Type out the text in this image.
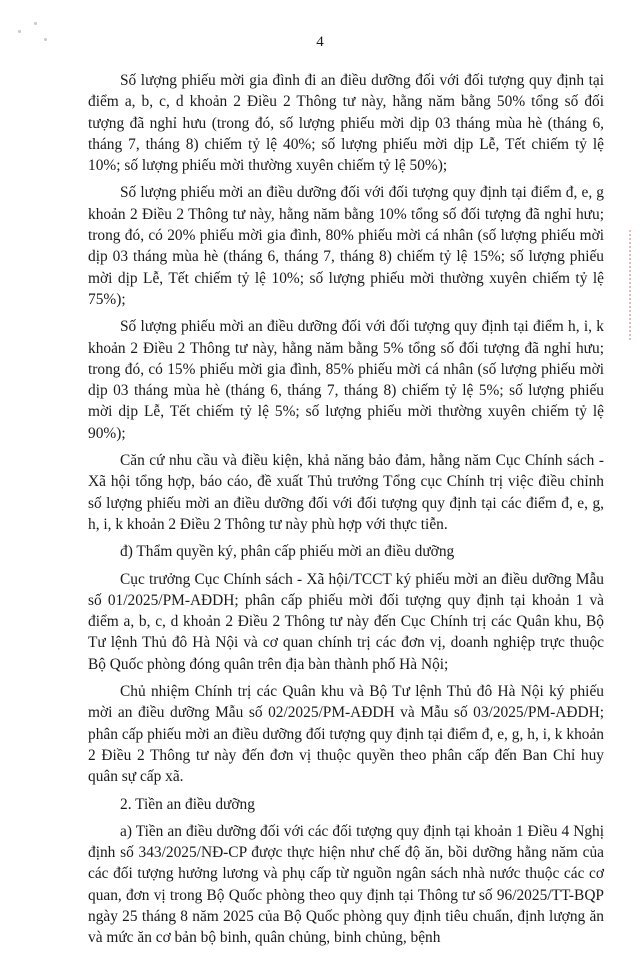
4

Số lượng phiếu mời gia đình đi an điều dưỡng đối với đối tượng quy định tại điểm a, b, c, d khoản 2 Điều 2 Thông tư này, hằng năm bằng 50% tổng số đối tượng đã nghỉ hưu (trong đó, số lượng phiếu mời dịp 03 tháng mùa hè (tháng 6, tháng 7, tháng 8) chiếm tỷ lệ 40%; số lượng phiếu mời dịp Lễ, Tết chiếm tỷ lệ 10%; số lượng phiếu mời thường xuyên chiếm tỷ lệ 50%);

Số lượng phiếu mời an điều dưỡng đối với đối tượng quy định tại điểm đ, e, g khoản 2 Điều 2 Thông tư này, hằng năm bằng 10% tổng số đối tượng đã nghỉ hưu; trong đó, có 20% phiếu mời gia đình, 80% phiếu mời cá nhân (số lượng phiếu mời dịp 03 tháng mùa hè (tháng 6, tháng 7, tháng 8) chiếm tỷ lệ 15%; số lượng phiếu mời dịp Lễ, Tết chiếm tỷ lệ 10%; số lượng phiếu mời thường xuyên chiếm tỷ lệ 75%);

Số lượng phiếu mời an điều dưỡng đối với đối tượng quy định tại điểm h, i, k khoản 2 Điều 2 Thông tư này, hằng năm bằng 5% tổng số đối tượng đã nghỉ hưu; trong đó, có 15% phiếu mời gia đình, 85% phiếu mời cá nhân (số lượng phiếu mời dịp 03 tháng mùa hè (tháng 6, tháng 7, tháng 8) chiếm tỷ lệ 5%; số lượng phiếu mời dịp Lễ, Tết chiếm tỷ lệ 5%; số lượng phiếu mời thường xuyên chiếm tỷ lệ 90%);

Căn cứ nhu cầu và điều kiện, khả năng bảo đảm, hằng năm Cục Chính sách - Xã hội tổng hợp, báo cáo, đề xuất Thủ trưởng Tổng cục Chính trị việc điều chỉnh số lượng phiếu mời an điều dưỡng đối với đối tượng quy định tại các điểm đ, e, g, h, i, k khoản 2 Điều 2 Thông tư này phù hợp với thực tiễn.

đ) Thẩm quyền ký, phân cấp phiếu mời an điều dưỡng

Cục trưởng Cục Chính sách - Xã hội/TCCT ký phiếu mời an điều dưỡng Mẫu số 01/2025/PM-AĐDH; phân cấp phiếu mời đối tượng quy định tại khoản 1 và điểm a, b, c, d khoản 2 Điều 2 Thông tư này đến Cục Chính trị các Quân khu, Bộ Tư lệnh Thủ đô Hà Nội và cơ quan chính trị các đơn vị, doanh nghiệp trực thuộc Bộ Quốc phòng đóng quân trên địa bàn thành phố Hà Nội;

Chủ nhiệm Chính trị các Quân khu và Bộ Tư lệnh Thủ đô Hà Nội ký phiếu mời an điều dưỡng Mẫu số 02/2025/PM-AĐDH và Mẫu số 03/2025/PM-AĐDH; phân cấp phiếu mời an điều dưỡng đối tượng quy định tại điểm đ, e, g, h, i, k khoản 2 Điều 2 Thông tư này đến đơn vị thuộc quyền theo phân cấp đến Ban Chỉ huy quân sự cấp xã.

2. Tiền an điều dưỡng

a) Tiền an điều dưỡng đối với các đối tượng quy định tại khoản 1 Điều 4 Nghị định số 343/2025/NĐ-CP được thực hiện như chế độ ăn, bồi dưỡng hằng năm của các đối tượng hưởng lương và phụ cấp từ nguồn ngân sách nhà nước thuộc các cơ quan, đơn vị trong Bộ Quốc phòng theo quy định tại Thông tư số 96/2025/TT-BQP ngày 25 tháng 8 năm 2025 của Bộ Quốc phòng quy định tiêu chuẩn, định lượng ăn và mức ăn cơ bản bộ binh, quân chủng, binh chủng, bệnh
